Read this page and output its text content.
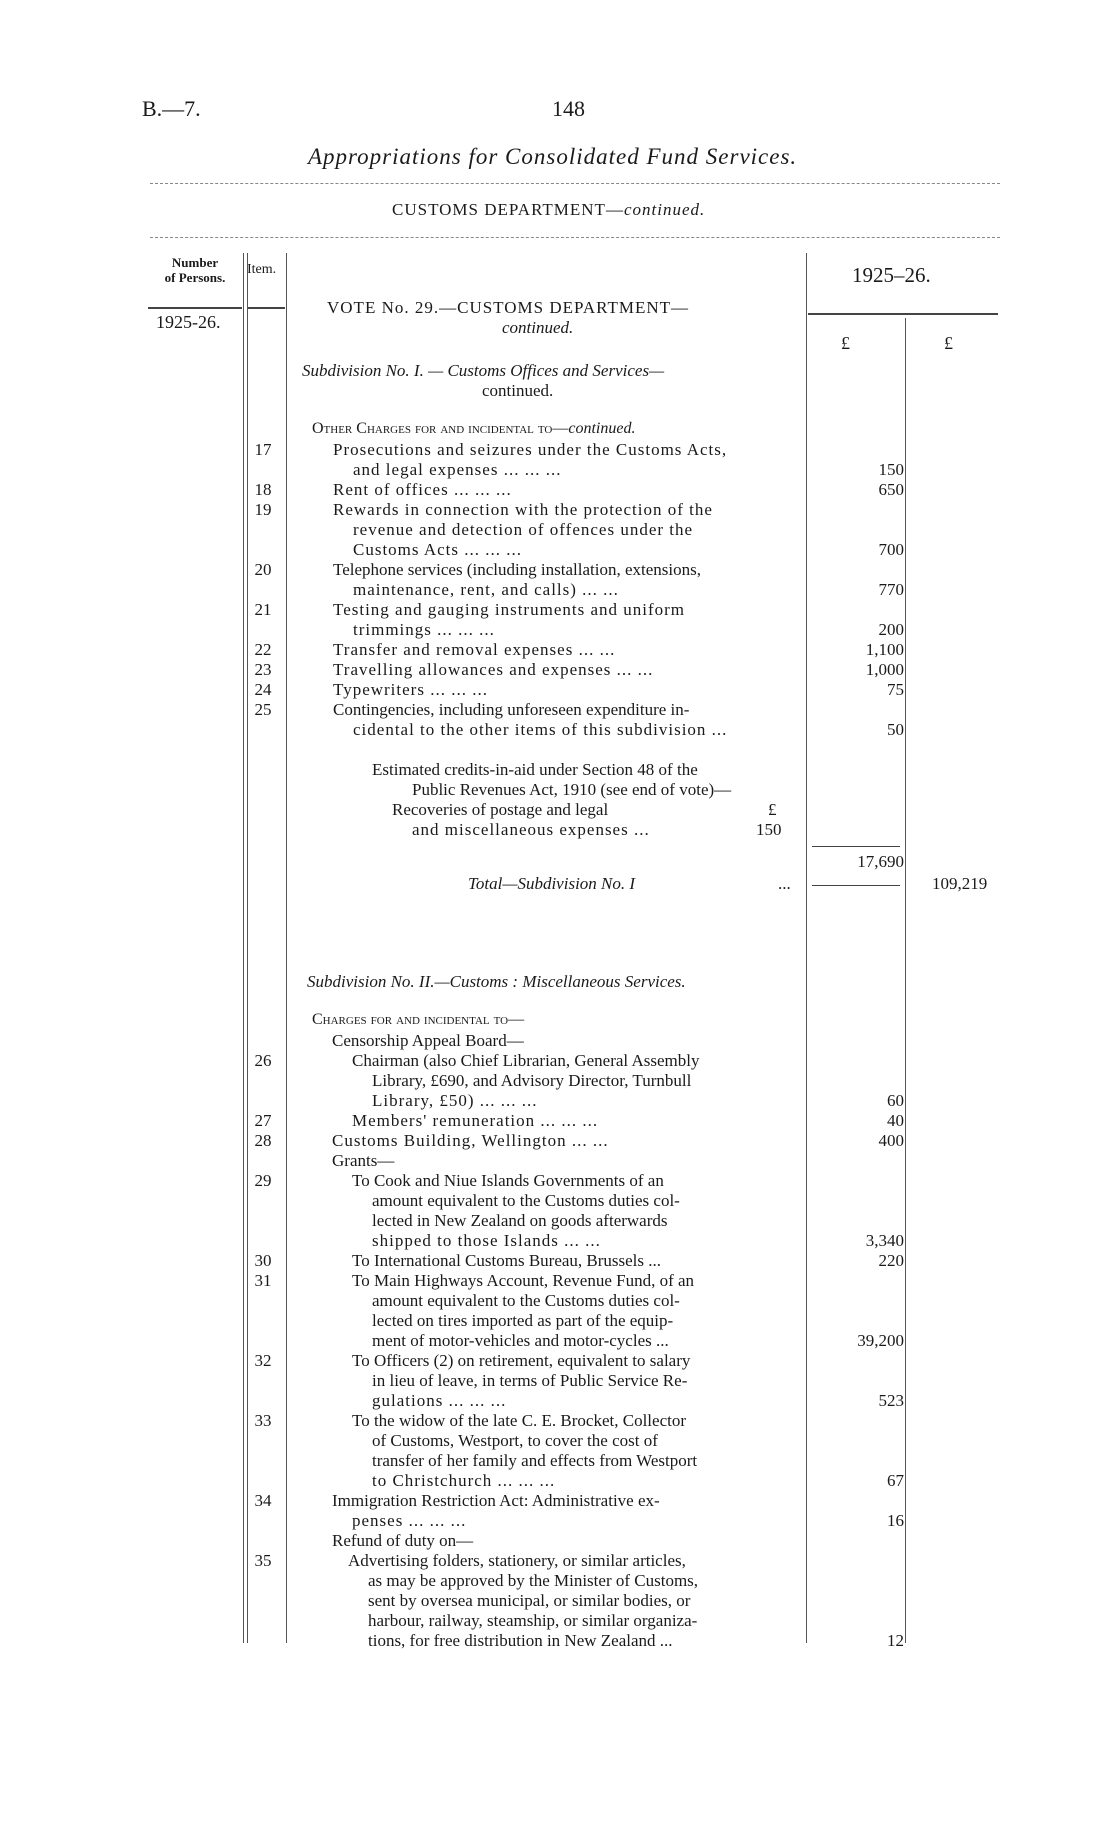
B.—7.	148
Appropriations for Consolidated Fund Services.
CUSTOMS DEPARTMENT—continued.
Number
of Persons.
Item.
1925-26.
1925–26.
£	£
VOTE No. 29.—CUSTOMS DEPARTMENT—
continued.
Subdivision No. I. — Customs Offices and Services—
continued.
Other Charges for and incidental to—continued.
17	Prosecutions and seizures under the Customs Acts,
and legal expenses ... ... ...	150
18	Rent of offices ... ... ...	650
19	Rewards in connection with the protection of the
revenue and detection of offences under the
Customs Acts ... ... ...	700
20	Telephone services (including installation, extensions,
maintenance, rent, and calls) ... ...	770
21	Testing and gauging instruments and uniform
trimmings ... ... ...	200
22	Transfer and removal expenses ... ...	1,100
23	Travelling allowances and expenses ... ...	1,000
24	Typewriters ... ... ...	75
25	Contingencies, including unforeseen expenditure in-
cidental to the other items of this subdivision ...	50
Estimated credits-in-aid under Section 48 of the
Public Revenues Act, 1910 (see end of vote)—
Recoveries of postage and legal	£
and miscellaneous expenses ...	150
17,690
Total—Subdivision No. I	...	109,219
Subdivision No. II.—Customs : Miscellaneous Services.
Charges for and incidental to—
Censorship Appeal Board—
26	Chairman (also Chief Librarian, General Assembly
Library, £690, and Advisory Director, Turnbull
Library, £50) ... ... ...	60
27	Members' remuneration ... ... ...	40
28	Customs Building, Wellington ... ...	400
Grants—
29	To Cook and Niue Islands Governments of an
amount equivalent to the Customs duties col-
lected in New Zealand on goods afterwards
shipped to those Islands ... ...	3,340
30	To International Customs Bureau, Brussels ...	220
31	To Main Highways Account, Revenue Fund, of an
amount equivalent to the Customs duties col-
lected on tires imported as part of the equip-
ment of motor-vehicles and motor-cycles ...	39,200
32	To Officers (2) on retirement, equivalent to salary
in lieu of leave, in terms of Public Service Re-
gulations ... ... ...	523
33	To the widow of the late C. E. Brocket, Collector
of Customs, Westport, to cover the cost of
transfer of her family and effects from Westport
to Christchurch ... ... ...	67
34	Immigration Restriction Act: Administrative ex-
penses ... ... ...	16
Refund of duty on—
35	Advertising folders, stationery, or similar articles,
as may be approved by the Minister of Customs,
sent by oversea municipal, or similar bodies, or
harbour, railway, steamship, or similar organiza-
tions, for free distribution in New Zealand ...	12
